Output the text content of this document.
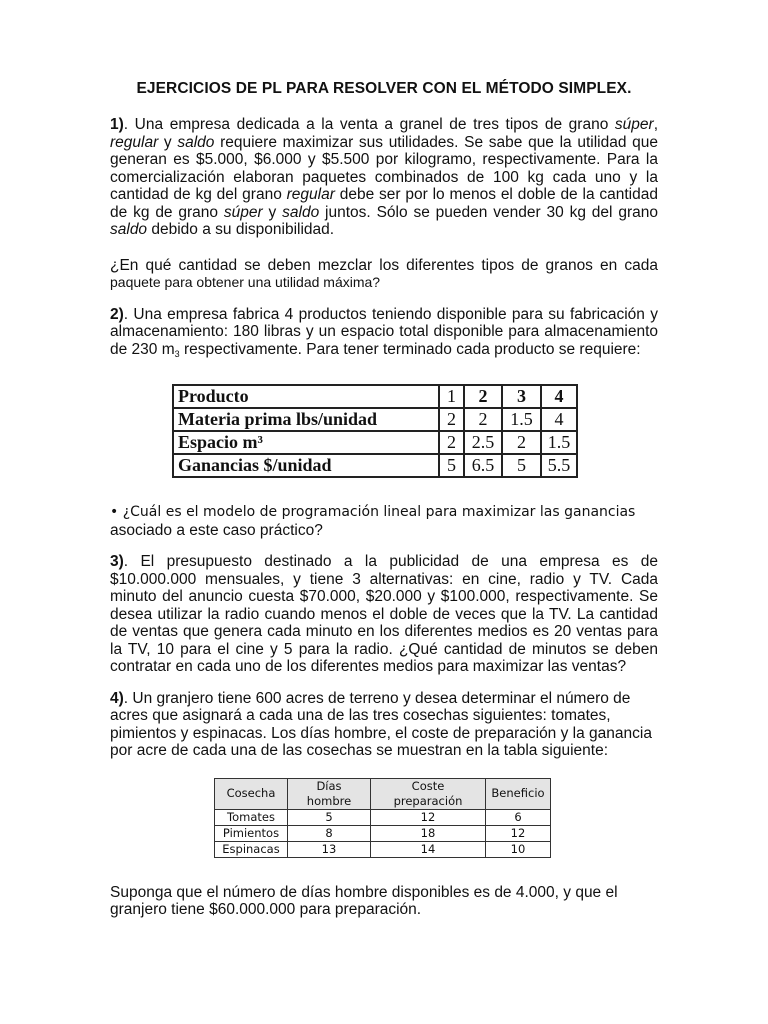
EJERCICIOS DE PL PARA RESOLVER CON EL MÉTODO SIMPLEX.

1). Una empresa dedicada a la venta a granel de tres tipos de grano súper, regular y saldo requiere maximizar sus utilidades. Se sabe que la utilidad que generan es $5.000, $6.000 y $5.500 por kilogramo, respectivamente. Para la comercialización elaboran paquetes combinados de 100 kg cada uno y la cantidad de kg del grano regular debe ser por lo menos el doble de la cantidad de kg de grano súper y saldo juntos. Sólo se pueden vender 30 kg del grano saldo debido a su disponibilidad.

¿En qué cantidad se deben mezclar los diferentes tipos de granos en cada

paquete para obtener una utilidad máxima?

2). Una empresa fabrica 4 productos teniendo disponible para su fabricación y almacenamiento: 180 libras y un espacio total disponible para almacenamiento de 230 $m_3$ respectivamente. Para tener terminado cada producto se requiere:

Producto	1	2	3	4
Materia prima lbs/unidad	2	2	1.5	4
Espacio m³	2	2.5	2	1.5
Ganancias $/unidad	5	6.5	5	5.5

• ¿Cuál es el modelo de programación lineal para maximizar las ganancias

asociado a este caso práctico?

3). El presupuesto destinado a la publicidad de una empresa es de $10.000.000 mensuales, y tiene 3 alternativas: en cine, radio y TV. Cada minuto del anuncio cuesta $70.000, $20.000 y $100.000, respectivamente. Se desea utilizar la radio cuando menos el doble de veces que la TV. La cantidad de ventas que genera cada minuto en los diferentes medios es 20 ventas para la TV, 10 para el cine y 5 para la radio. ¿Qué cantidad de minutos se deben contratar en cada uno de los diferentes medios para maximizar las ventas?

4). Un granjero tiene 600 acres de terreno y desea determinar el número de

acres que asignará a cada una de las tres cosechas siguientes: tomates,

pimientos y espinacas. Los días hombre, el coste de preparación y la ganancia

por acre de cada una de las cosechas se muestran en la tabla siguiente:

Cosecha	Días hombre	Coste preparación	Beneficio
Tomates	5	12	6
Pimientos	8	18	12
Espinacas	13	14	10

Suponga que el número de días hombre disponibles es de 4.000, y que el

granjero tiene $60.000.000 para preparación.
